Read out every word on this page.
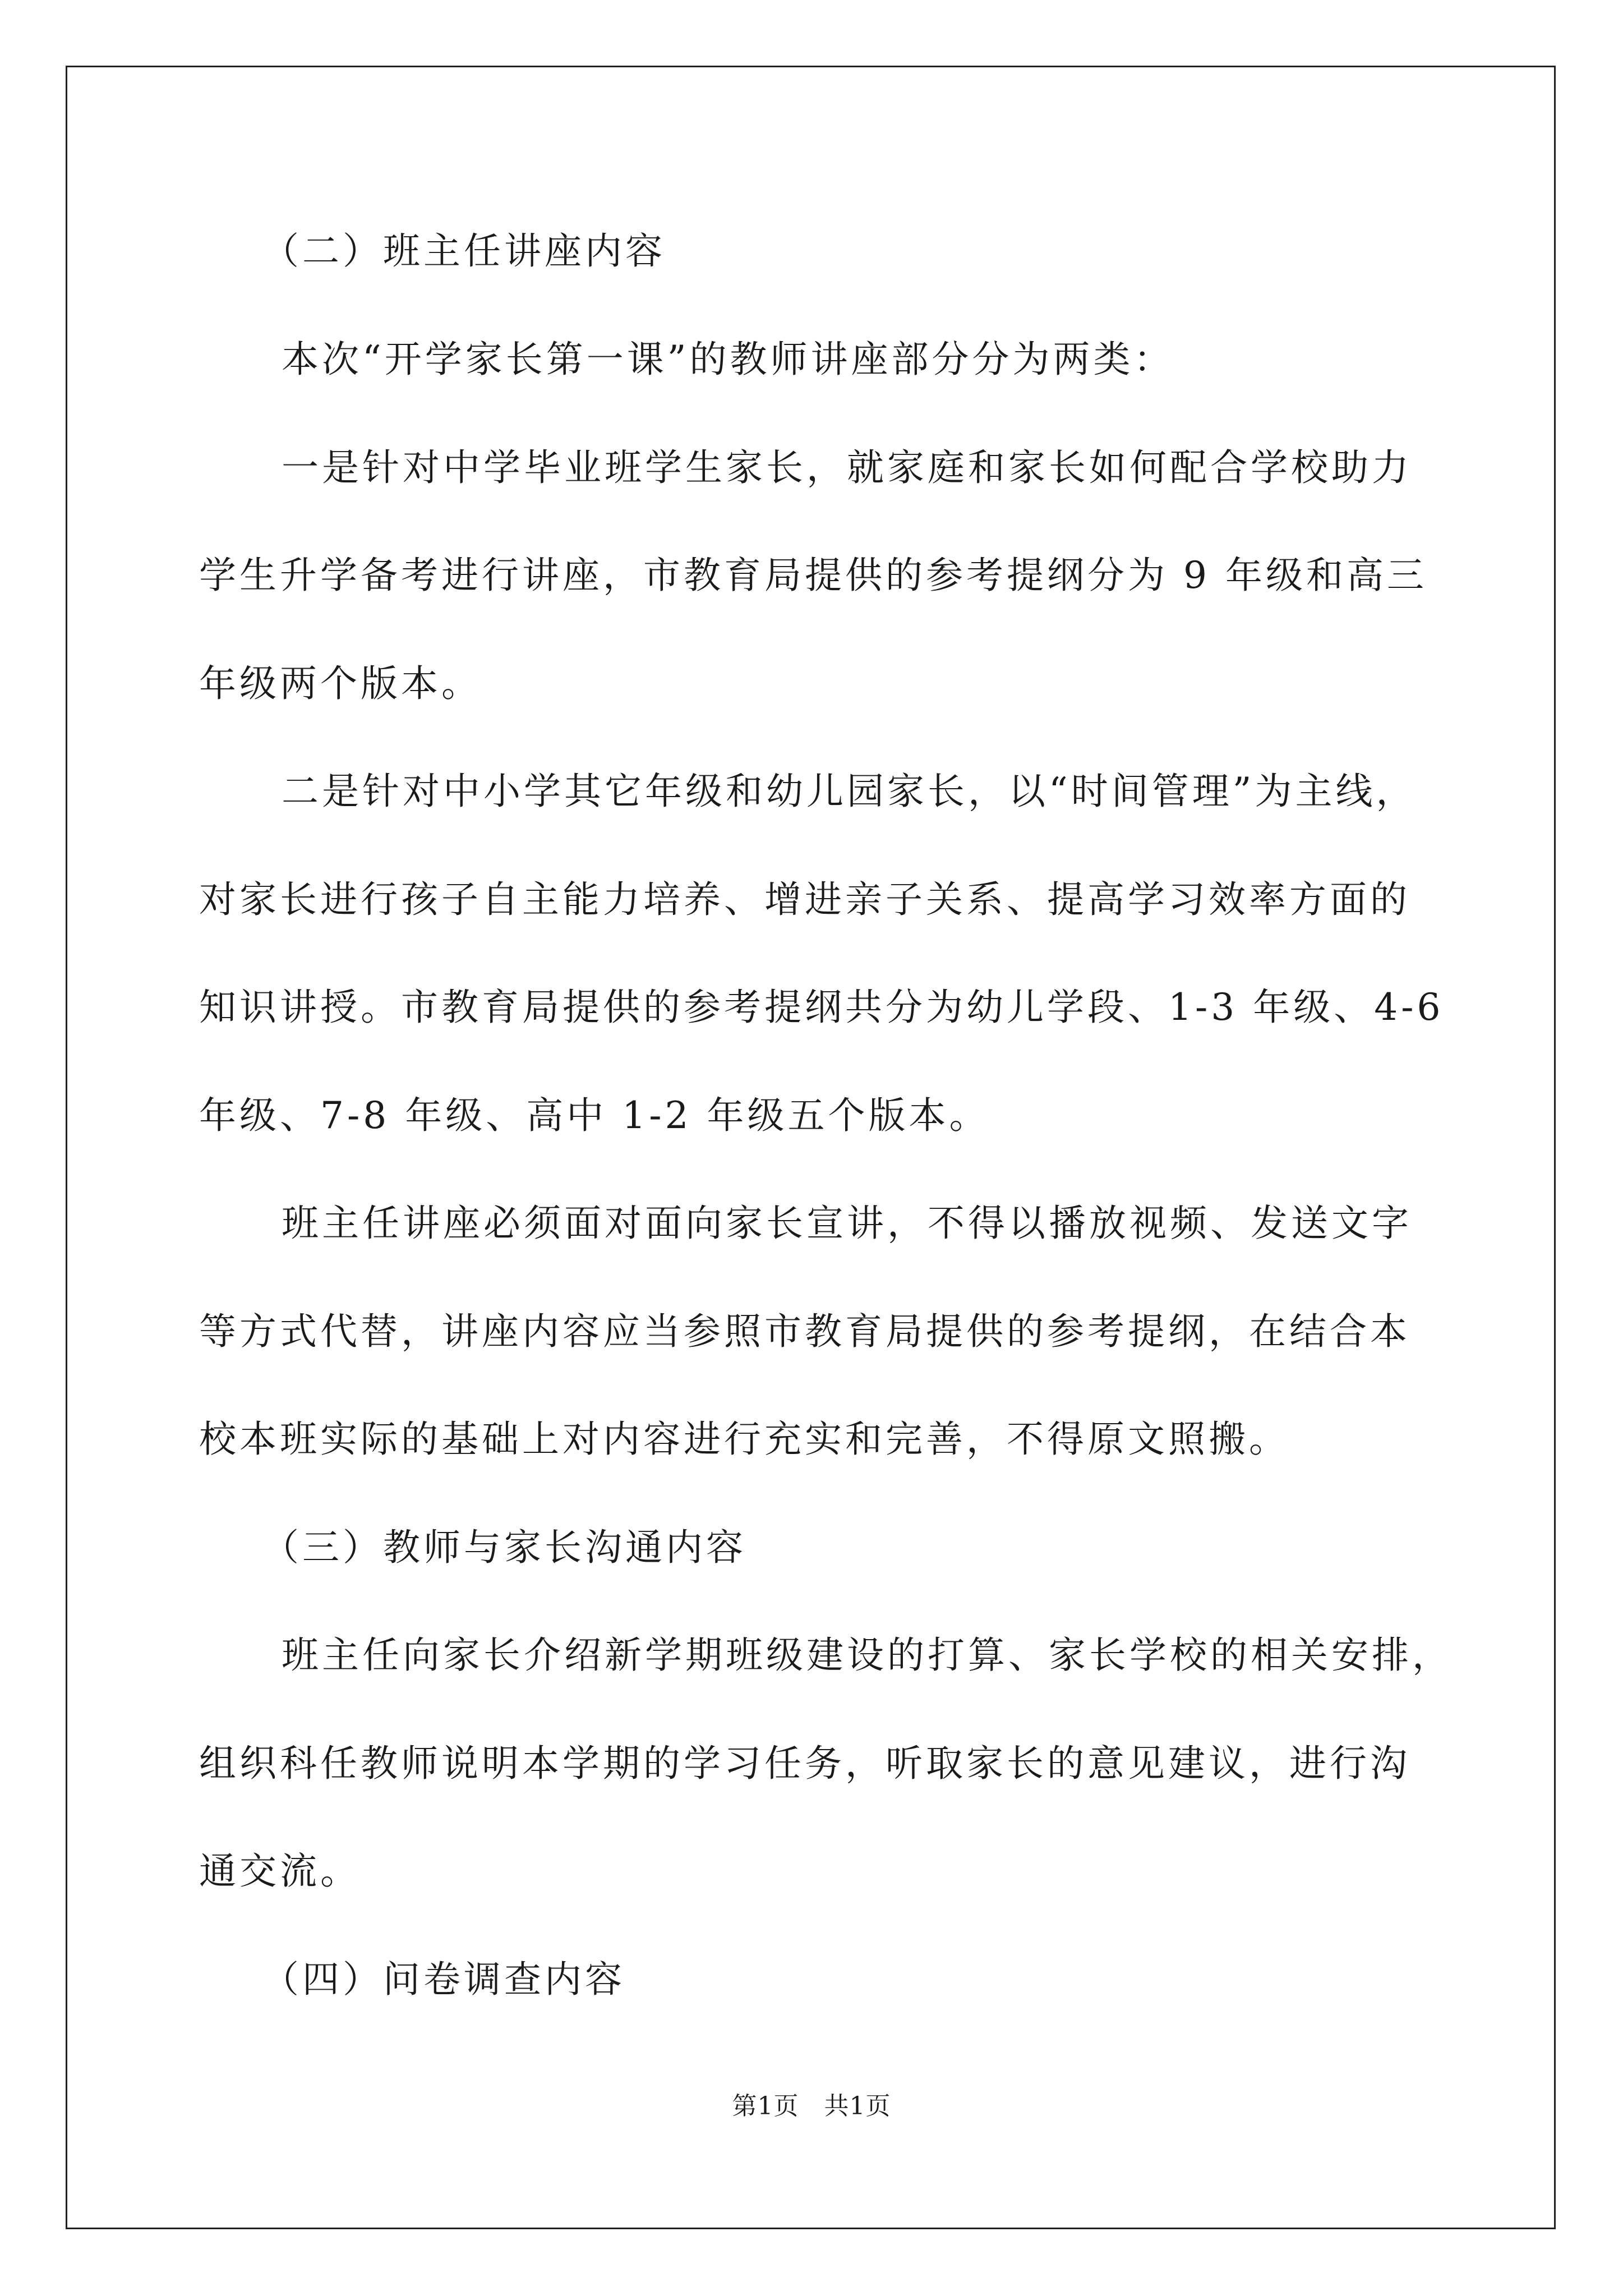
（二）班主任讲座内容
本次“开学家长第一课”的教师讲座部分分为两类：
一是针对中学毕业班学生家长，就家庭和家长如何配合学校助力
学生升学备考进行讲座，市教育局提供的参考提纲分为 9 年级和高三
年级两个版本。
二是针对中小学其它年级和幼儿园家长，以“时间管理”为主线，
对家长进行孩子自主能力培养、增进亲子关系、提高学习效率方面的
知识讲授。市教育局提供的参考提纲共分为幼儿学段、1-3 年级、4-6
年级、7-8 年级、高中 1-2 年级五个版本。
班主任讲座必须面对面向家长宣讲，不得以播放视频、发送文字
等方式代替，讲座内容应当参照市教育局提供的参考提纲，在结合本
校本班实际的基础上对内容进行充实和完善，不得原文照搬。
（三）教师与家长沟通内容
班主任向家长介绍新学期班级建设的打算、家长学校的相关安排，
组织科任教师说明本学期的学习任务，听取家长的意见建议，进行沟
通交流。
（四）问卷调查内容
第1页　共1页
